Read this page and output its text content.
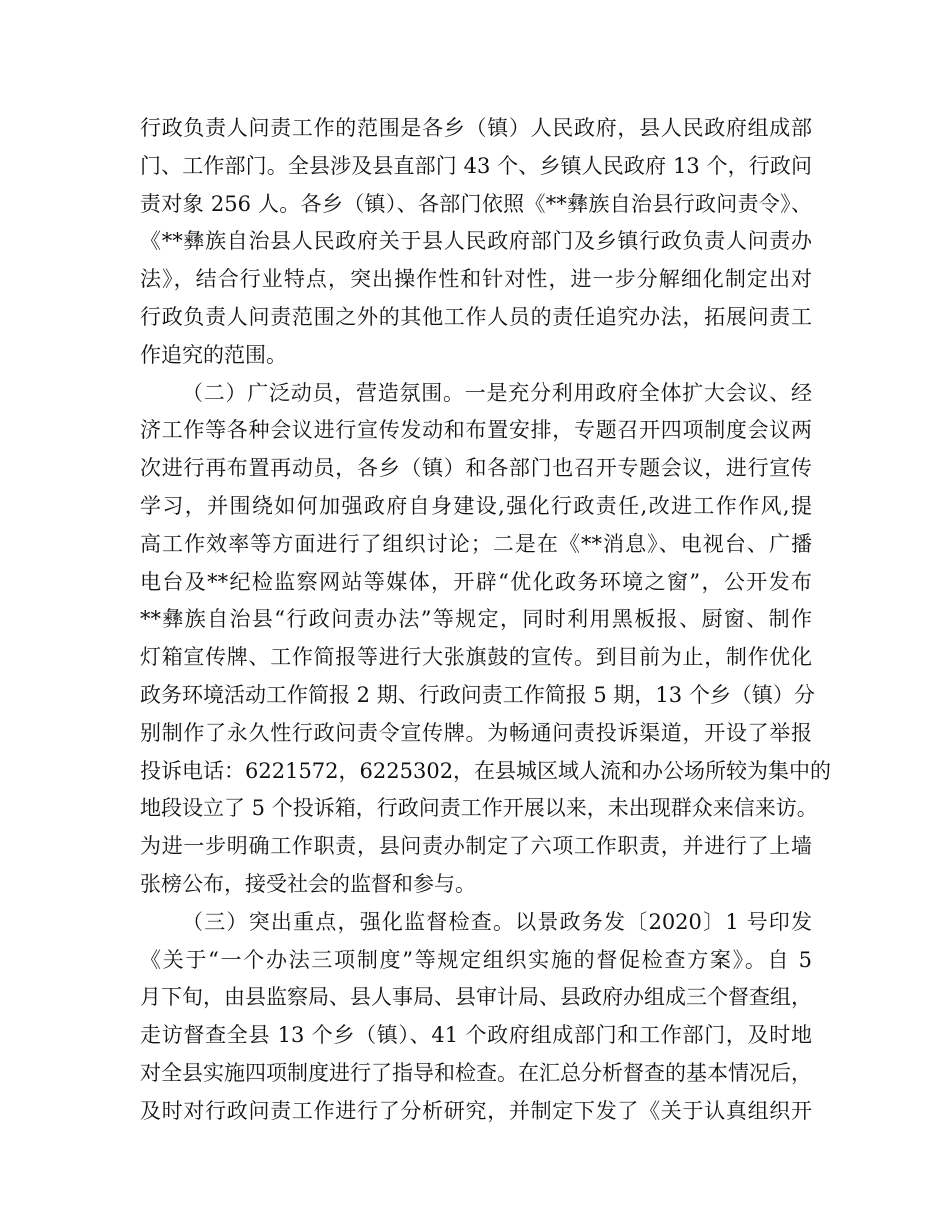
行政负责人问责工作的范围是各乡（镇）人民政府，县人民政府组成部
门、工作部门。全县涉及县直部门 43 个、乡镇人民政府 13 个，行政问
责对象 256 人。各乡（镇）、各部门依照《**彝族自治县行政问责令》、
《**彝族自治县人民政府关于县人民政府部门及乡镇行政负责人问责办
法》，结合行业特点，突出操作性和针对性，进一步分解细化制定出对
行政负责人问责范围之外的其他工作人员的责任追究办法，拓展问责工
作追究的范围。
（二）广泛动员，营造氛围。一是充分利用政府全体扩大会议、经
济工作等各种会议进行宣传发动和布置安排，专题召开四项制度会议两
次进行再布置再动员，各乡（镇）和各部门也召开专题会议，进行宣传
学习，并围绕如何加强政府自身建设,强化行政责任,改进工作作风,提
高工作效率等方面进行了组织讨论；二是在《**消息》、电视台、广播
电台及**纪检监察网站等媒体，开辟“优化政务环境之窗”，公开发布
**彝族自治县“行政问责办法”等规定，同时利用黑板报、厨窗、制作
灯箱宣传牌、工作简报等进行大张旗鼓的宣传。到目前为止，制作优化
政务环境活动工作简报 2 期、行政问责工作简报 5 期，13 个乡（镇）分
别制作了永久性行政问责令宣传牌。为畅通问责投诉渠道，开设了举报
投诉电话：6221572，6225302，在县城区域人流和办公场所较为集中的
地段设立了 5 个投诉箱，行政问责工作开展以来，未出现群众来信来访。
为进一步明确工作职责，县问责办制定了六项工作职责，并进行了上墙
张榜公布，接受社会的监督和参与。
（三）突出重点，强化监督检查。以景政务发〔2020〕1 号印发
《关于“一个办法三项制度”等规定组织实施的督促检查方案》。自 5
月下旬，由县监察局、县人事局、县审计局、县政府办组成三个督查组，
走访督查全县 13 个乡（镇）、41 个政府组成部门和工作部门，及时地
对全县实施四项制度进行了指导和检查。在汇总分析督查的基本情况后，
及时对行政问责工作进行了分析研究，并制定下发了《关于认真组织开
